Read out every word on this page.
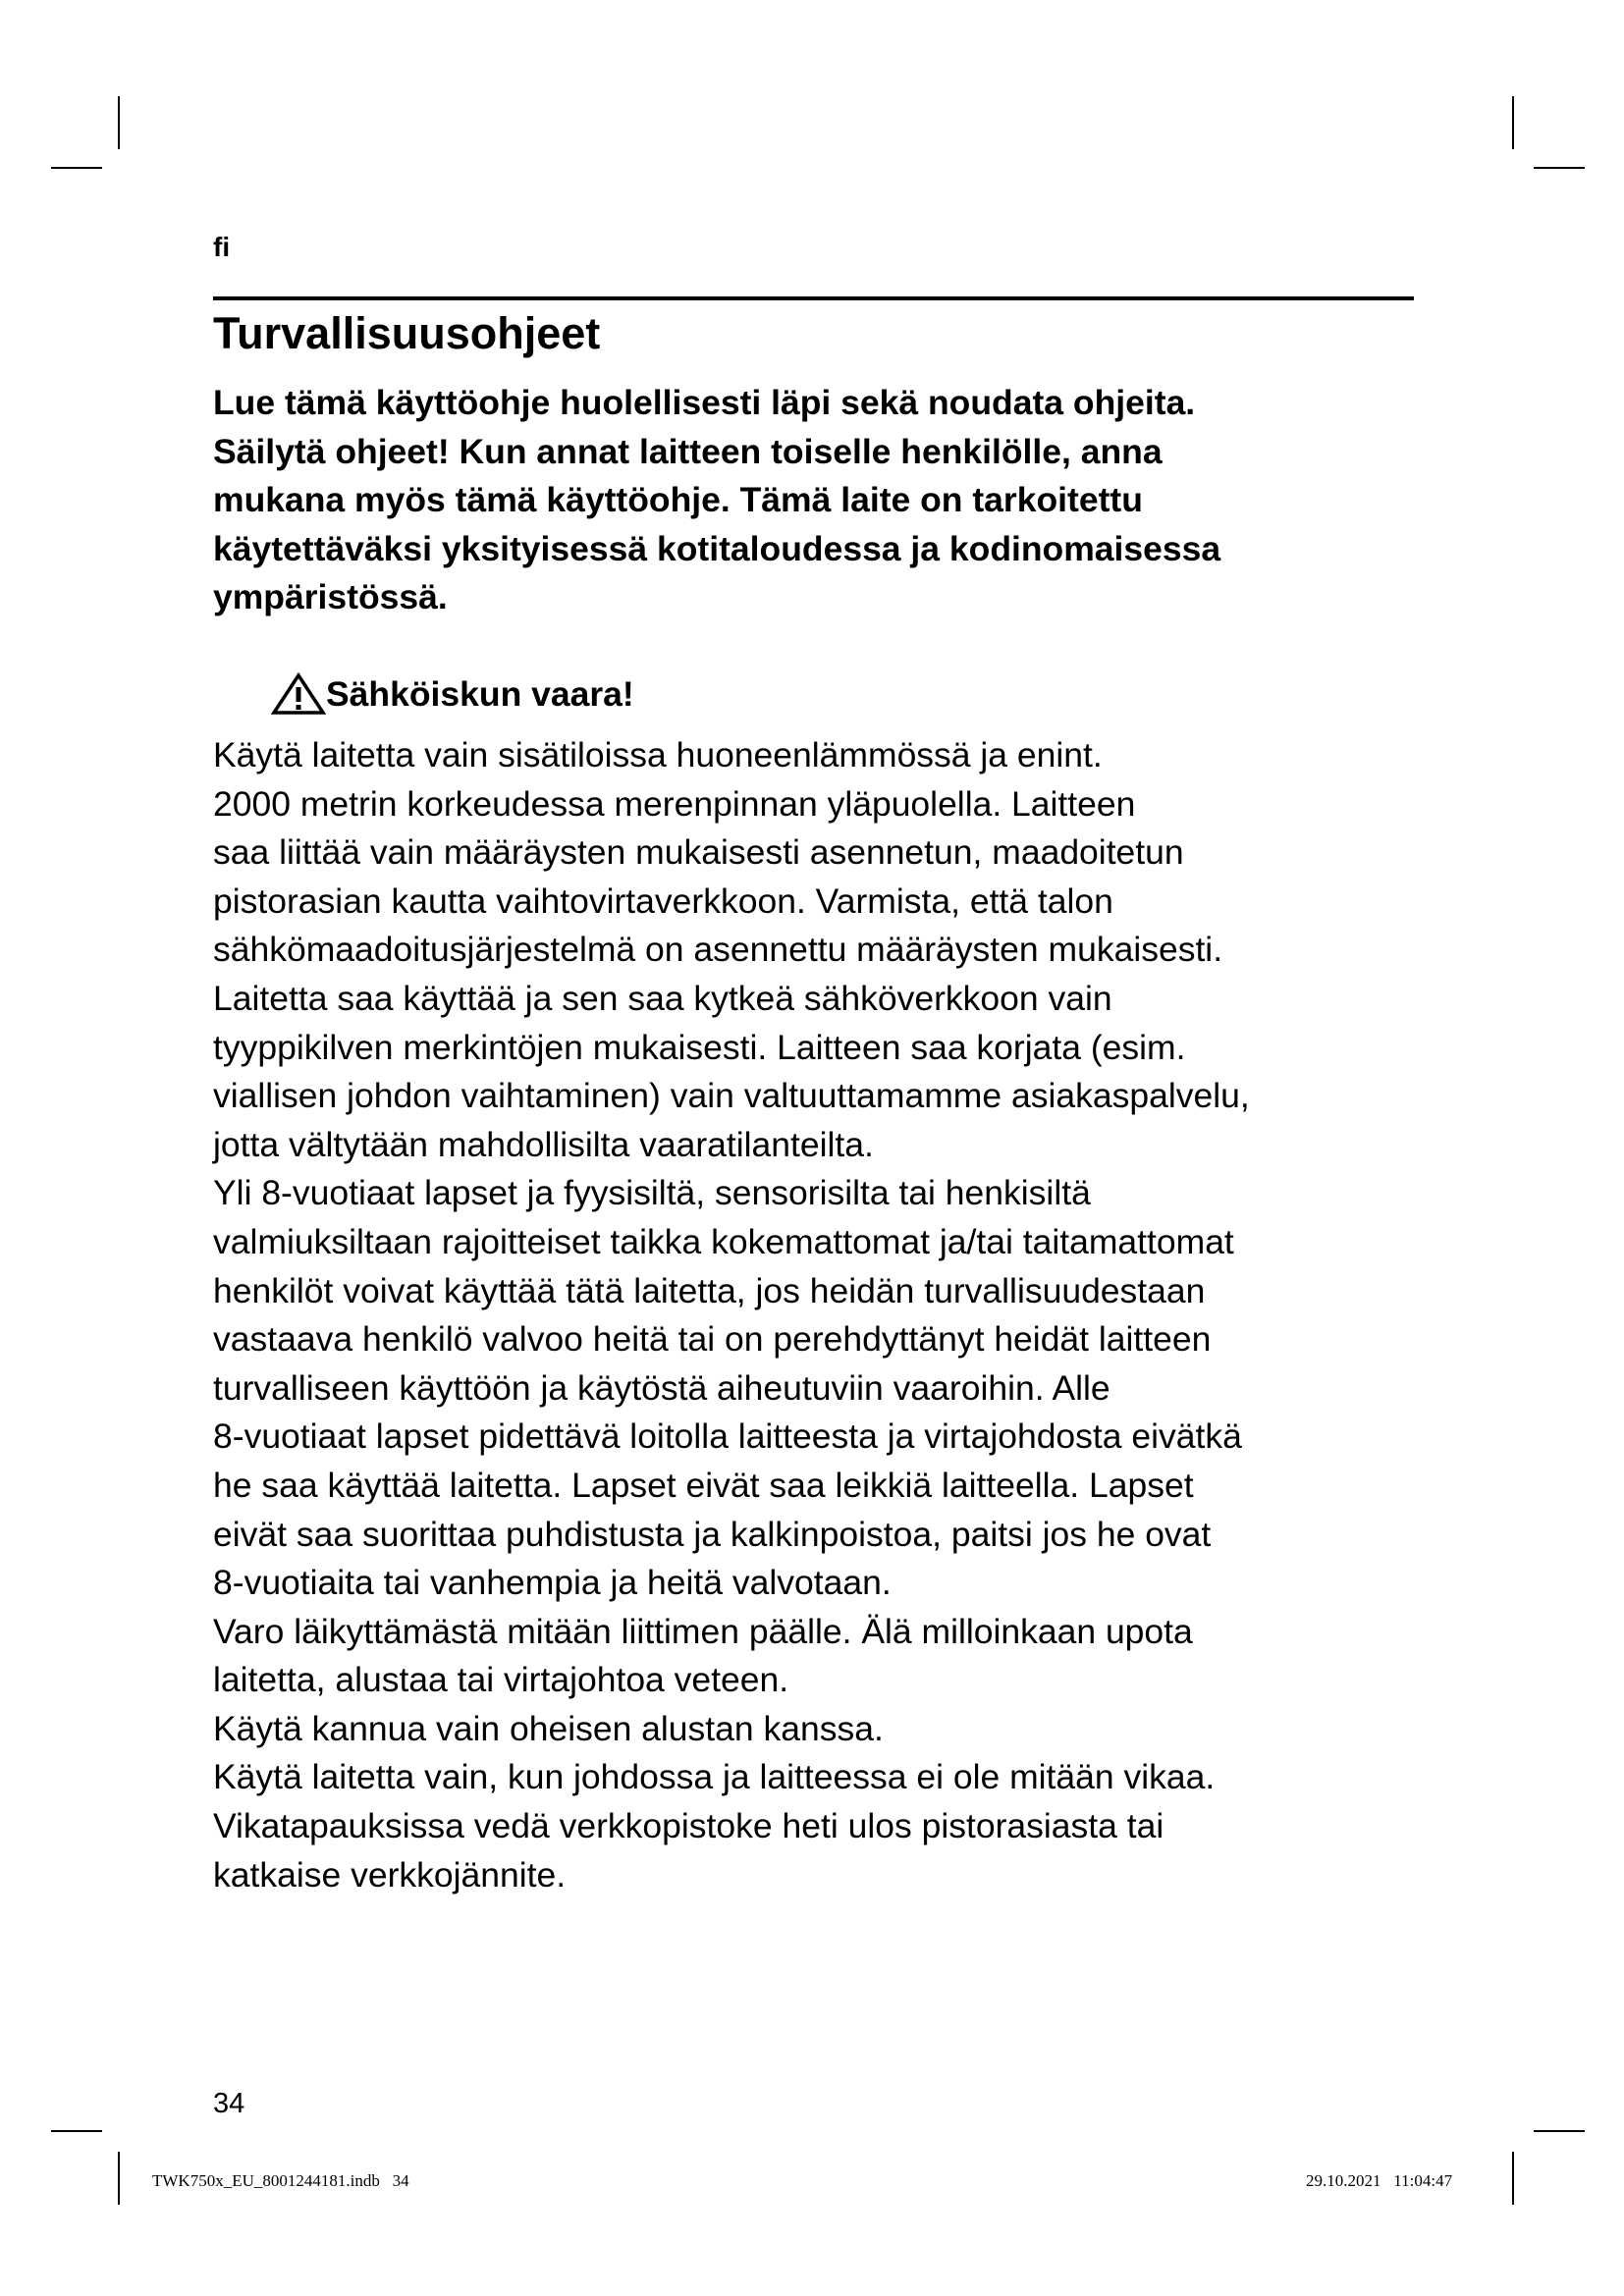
fi
Turvallisuusohjeet

Lue tämä käyttöohje huolellisesti läpi sekä noudata ohjeita.
Säilytä ohjeet! Kun annat laitteen toiselle henkilölle, anna
mukana myös tämä käyttöohje. Tämä laite on tarkoitettu
käytettäväksi yksityisessä kotitaloudessa ja kodinomaisessa
ympäristössä.

Sähköiskun vaara!

Käytä laitetta vain sisätiloissa huoneenlämmössä ja enint.
2000 metrin korkeudessa merenpinnan yläpuolella. Laitteen
saa liittää vain määräysten mukaisesti asennetun, maadoitetun
pistorasian kautta vaihtovirtaverkkoon. Varmista, että talon
sähkömaadoitusjärjestelmä on asennettu määräysten mukaisesti.
Laitetta saa käyttää ja sen saa kytkeä sähköverkkoon vain
tyyppikilven merkintöjen mukaisesti. Laitteen saa korjata (esim.
viallisen johdon vaihtaminen) vain valtuuttamamme asiakaspalvelu,
jotta vältytään mahdollisilta vaaratilanteilta.
Yli 8-vuotiaat lapset ja fyysisiltä, sensorisilta tai henkisiltä
valmiuksiltaan rajoitteiset taikka kokemattomat ja/tai taitamattomat
henkilöt voivat käyttää tätä laitetta, jos heidän turvallisuudestaan
vastaava henkilö valvoo heitä tai on perehdyttänyt heidät laitteen
turvalliseen käyttöön ja käytöstä aiheutuviin vaaroihin. Alle
8-vuotiaat lapset pidettävä loitolla laitteesta ja virtajohdosta eivätkä
he saa käyttää laitetta. Lapset eivät saa leikkiä laitteella. Lapset
eivät saa suorittaa puhdistusta ja kalkinpoistoa, paitsi jos he ovat
8-vuotiaita tai vanhempia ja heitä valvotaan.
Varo läikyttämästä mitään liittimen päälle. Älä milloinkaan upota
laitetta, alustaa tai virtajohtoa veteen.
Käytä kannua vain oheisen alustan kanssa.
Käytä laitetta vain, kun johdossa ja laitteessa ei ole mitään vikaa.
Vikatapauksissa vedä verkkopistoke heti ulos pistorasiasta tai
katkaise verkkojännite.

34
TWK750x_EU_8001244181.indb   34	29.10.2021   11:04:47
